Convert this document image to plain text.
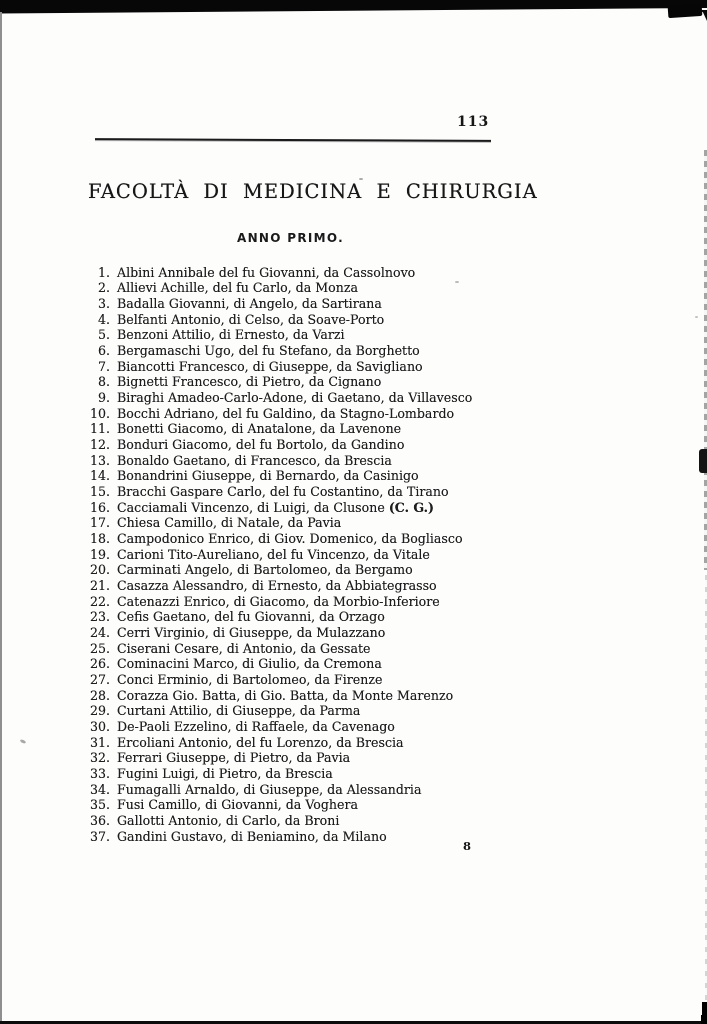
113
FACOLTÀ DI MEDICINA E CHIRURGIA
ANNO PRIMO.
1. Albini Annibale del fu Giovanni, da Cassolnovo
2. Allievi Achille, del fu Carlo, da Monza
3. Badalla Giovanni, di Angelo, da Sartirana
4. Belfanti Antonio, di Celso, da Soave-Porto
5. Benzoni Attilio, di Ernesto, da Varzi
6. Bergamaschi Ugo, del fu Stefano, da Borghetto
7. Biancotti Francesco, di Giuseppe, da Savigliano
8. Bignetti Francesco, di Pietro, da Cignano
9. Biraghi Amadeo-Carlo-Adone, di Gaetano, da Villavesco
10. Bocchi Adriano, del fu Galdino, da Stagno-Lombardo
11. Bonetti Giacomo, di Anatalone, da Lavenone
12. Bonduri Giacomo, del fu Bortolo, da Gandino
13. Bonaldo Gaetano, di Francesco, da Brescia
14. Bonandrini Giuseppe, di Bernardo, da Casinigo
15. Bracchi Gaspare Carlo, del fu Costantino, da Tirano
16. Cacciamali Vincenzo, di Luigi, da Clusone (C. G.)
17. Chiesa Camillo, di Natale, da Pavia
18. Campodonico Enrico, di Giov. Domenico, da Bogliasco
19. Carioni Tito-Aureliano, del fu Vincenzo, da Vitale
20. Carminati Angelo, di Bartolomeo, da Bergamo
21. Casazza Alessandro, di Ernesto, da Abbiategrasso
22. Catenazzi Enrico, di Giacomo, da Morbio-Inferiore
23. Cefis Gaetano, del fu Giovanni, da Orzago
24. Cerri Virginio, di Giuseppe, da Mulazzano
25. Ciserani Cesare, di Antonio, da Gessate
26. Cominacini Marco, di Giulio, da Cremona
27. Conci Erminio, di Bartolomeo, da Firenze
28. Corazza Gio. Batta, di Gio. Batta, da Monte Marenzo
29. Curtani Attilio, di Giuseppe, da Parma
30. De-Paoli Ezzelino, di Raffaele, da Cavenago
31. Ercoliani Antonio, del fu Lorenzo, da Brescia
32. Ferrari Giuseppe, di Pietro, da Pavia
33. Fugini Luigi, di Pietro, da Brescia
34. Fumagalli Arnaldo, di Giuseppe, da Alessandria
35. Fusi Camillo, di Giovanni, da Voghera
36. Gallotti Antonio, di Carlo, da Broni
37. Gandini Gustavo, di Beniamino, da Milano
8
